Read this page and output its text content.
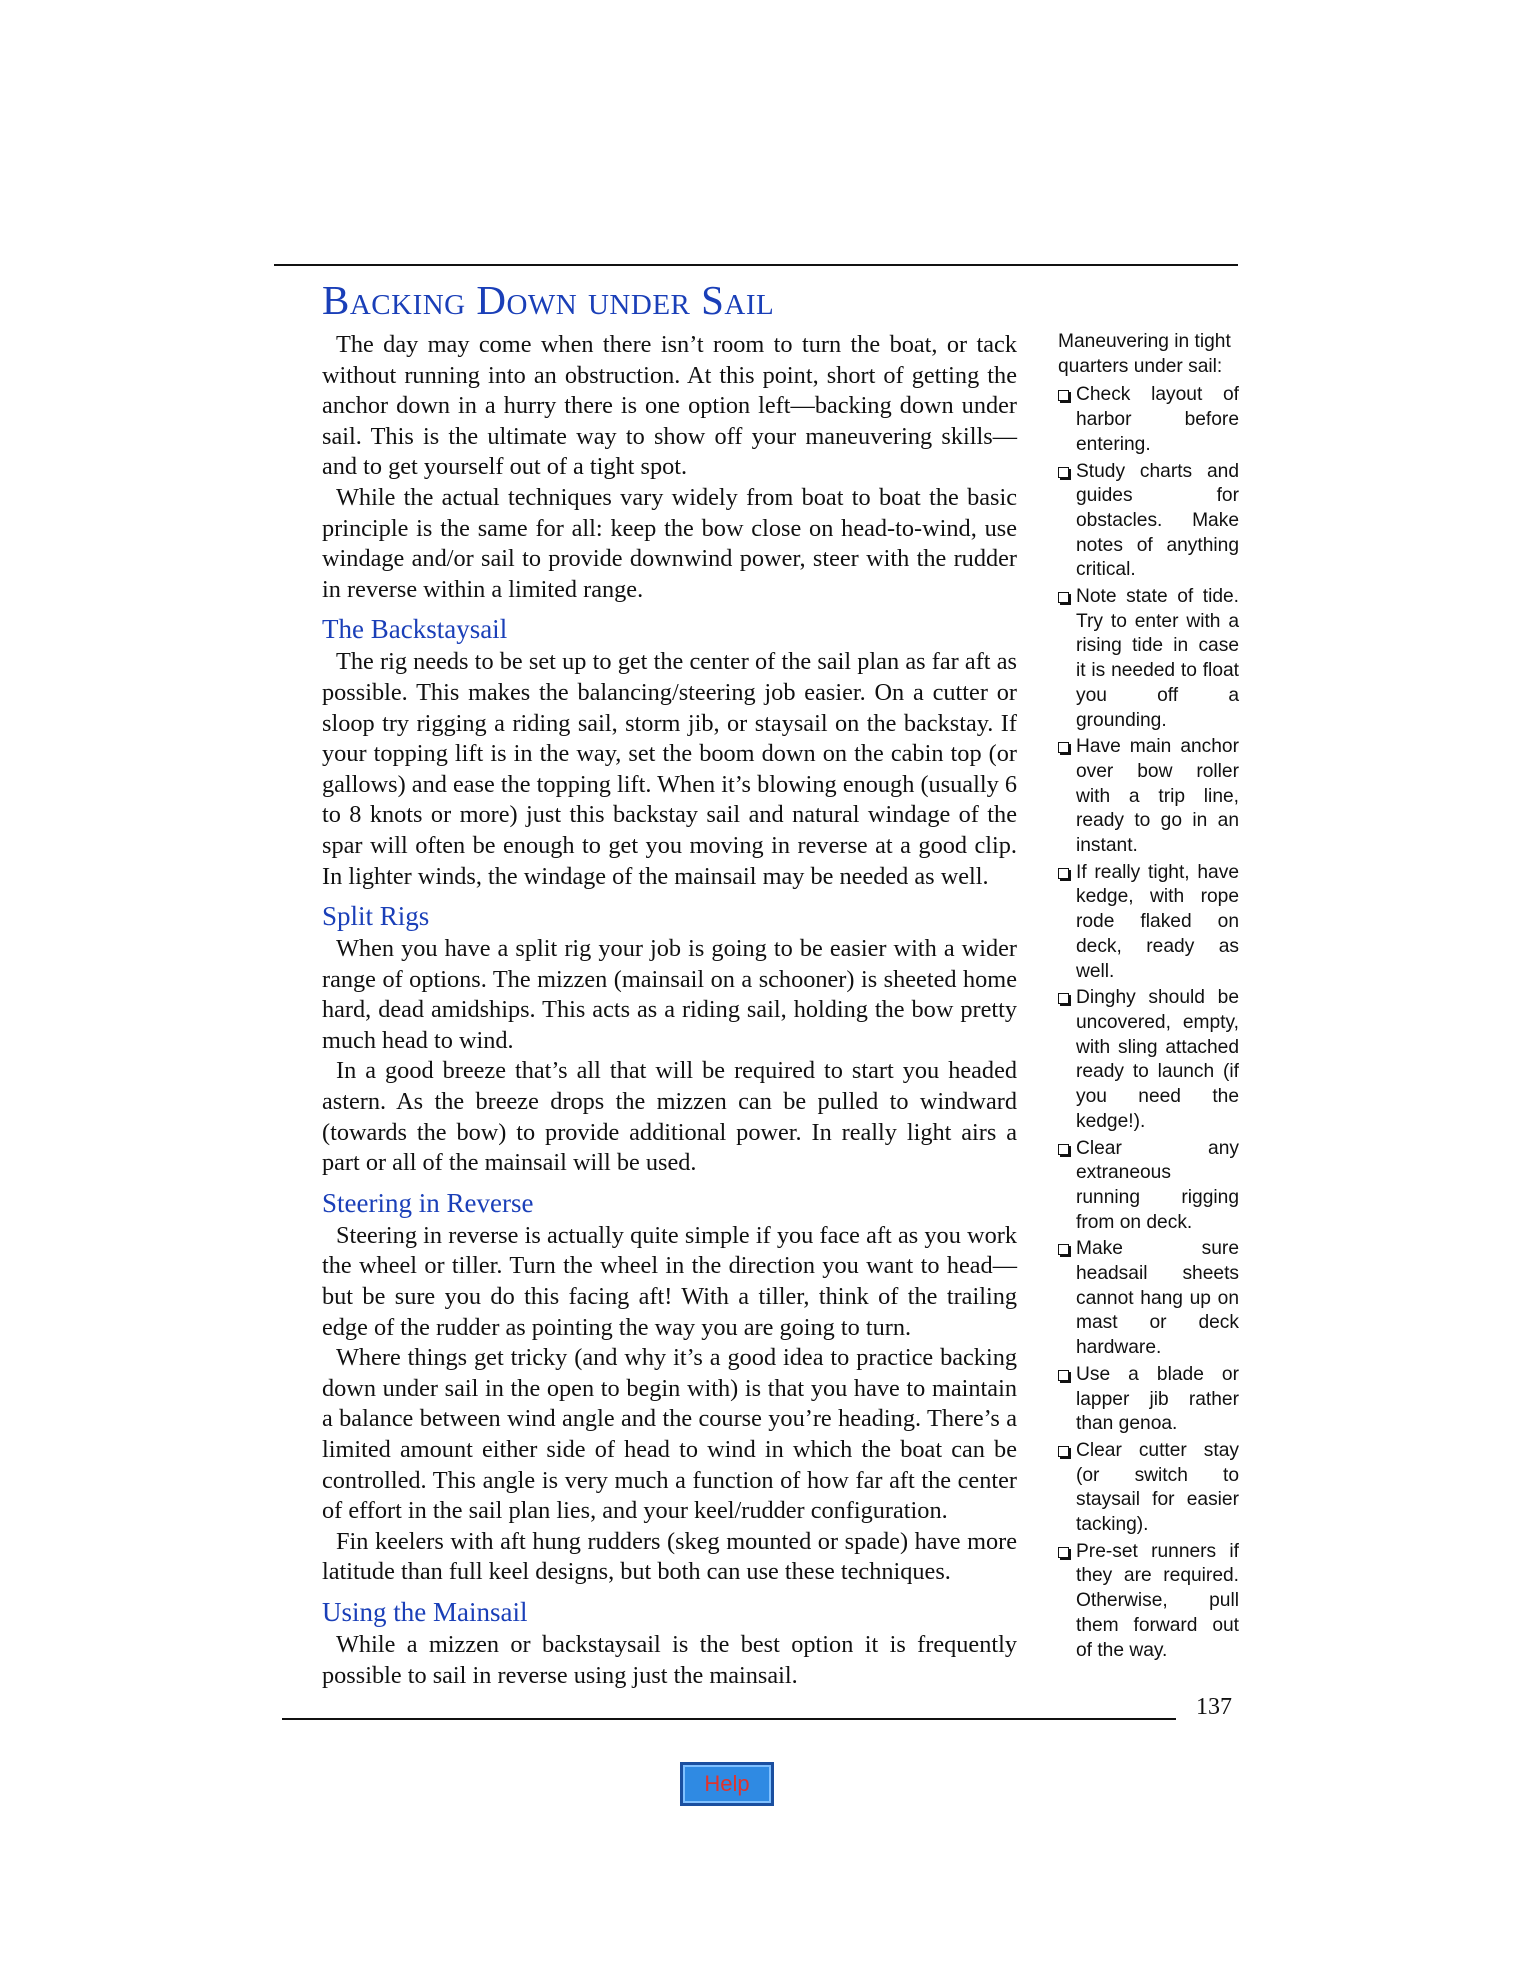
Backing Down under Sail

The day may come when there isn’t room to turn the boat, or tack without running into an obstruction. At this point, short of getting the anchor down in a hurry there is one option left—backing down under sail. This is the ultimate way to show off your maneuvering skills—and to get yourself out of a tight spot.

While the actual techniques vary widely from boat to boat the basic principle is the same for all: keep the bow close on head-to-wind, use windage and/or sail to provide downwind power, steer with the rudder in reverse within a limited range.

The Backstaysail

The rig needs to be set up to get the center of the sail plan as far aft as possible. This makes the balancing/steering job easier. On a cutter or sloop try rigging a riding sail, storm jib, or staysail on the backstay. If your topping lift is in the way, set the boom down on the cabin top (or gallows) and ease the topping lift. When it’s blowing enough (usually 6 to 8 knots or more) just this backstay sail and natural windage of the spar will often be enough to get you moving in reverse at a good clip. In lighter winds, the windage of the mainsail may be needed as well.

Split Rigs

When you have a split rig your job is going to be easier with a wider range of options. The mizzen (mainsail on a schooner) is sheeted home hard, dead amidships. This acts as a riding sail, holding the bow pretty much head to wind.

In a good breeze that’s all that will be required to start you headed astern. As the breeze drops the mizzen can be pulled to windward (towards the bow) to provide additional power. In really light airs a part or all of the mainsail will be used.

Steering in Reverse

Steering in reverse is actually quite simple if you face aft as you work the wheel or tiller. Turn the wheel in the direction you want to head—but be sure you do this facing aft! With a tiller, think of the trailing edge of the rudder as pointing the way you are going to turn.

Where things get tricky (and why it’s a good idea to practice backing down under sail in the open to begin with) is that you have to maintain a balance between wind angle and the course you’re heading. There’s a limited amount either side of head to wind in which the boat can be controlled. This angle is very much a function of how far aft the center of effort in the sail plan lies, and your keel/rudder configuration.

Fin keelers with aft hung rudders (skeg mounted or spade) have more latitude than full keel designs, but both can use these techniques.

Using the Mainsail

While a mizzen or backstaysail is the best option it is frequently possible to sail in reverse using just the mainsail.

Maneuvering in tight quarters under sail:

Check layout of harbor before entering.
Study charts and guides for obstacles. Make notes of anything critical.
Note state of tide. Try to enter with a rising tide in case it is needed to float you off a grounding.
Have main anchor over bow roller with a trip line, ready to go in an instant.
If really tight, have kedge, with rope rode flaked on deck, ready as well.
Dinghy should be uncovered, empty, with sling attached ready to launch (if you need the kedge!).
Clear any extraneous running rigging from on deck.
Make sure headsail sheets cannot hang up on mast or deck hardware.
Use a blade or lapper jib rather than genoa.
Clear cutter stay (or switch to staysail for easier tacking).
Pre-set runners if they are required. Otherwise, pull them forward out of the way.
137
Help
